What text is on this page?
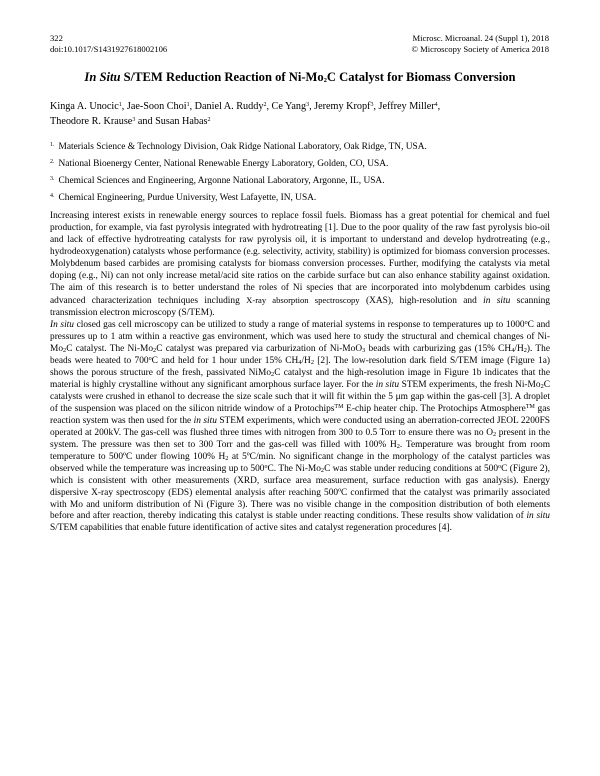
322
doi:10.1017/S1431927618002106
Microsc. Microanal. 24 (Suppl 1), 2018
© Microscopy Society of America 2018
In Situ S/TEM Reduction Reaction of $Ni-Mo_2C$ Catalyst for Biomass Conversion
Kinga A. Unocic$^1$, Jae-Soon Choi$^1$, Daniel A. Ruddy$^2$, Ce Yang$^3$, Jeremy Kropf$^3$, Jeffrey Miller$^4$,
Theodore R. Krause$^3$ and Susan Habas$^2$
$^{1.}$ Materials Science & Technology Division, Oak Ridge National Laboratory, Oak Ridge, TN, USA.
$^{2.}$ National Bioenergy Center, National Renewable Energy Laboratory, Golden, CO, USA.
$^{3.}$ Chemical Sciences and Engineering, Argonne National Laboratory, Argonne, IL, USA.
$^{4.}$ Chemical Engineering, Purdue University, West Lafayette, IN, USA.

Increasing interest exists in renewable energy sources to replace fossil fuels. Biomass has a great potential for chemical and fuel production, for example, via fast pyrolysis integrated with hydrotreating [1]. Due to the poor quality of the raw fast pyrolysis bio-oil and lack of effective hydrotreating catalysts for raw pyrolysis oil, it is important to understand and develop hydrotreating (e.g., hydrodeoxygenation) catalysts whose performance (e.g. selectivity, activity, stability) is optimized for biomass conversion processes. Molybdenum based carbides are promising catalysts for biomass conversion processes. Further, modifying the catalysts via metal doping (e.g., Ni) can not only increase metal/acid site ratios on the carbide surface but can also enhance stability against oxidation. The aim of this research is to better understand the roles of Ni species that are incorporated into molybdenum carbides using advanced characterization techniques including X-ray absorption spectroscopy (XAS), high-resolution and in situ scanning transmission electron microscopy (S/TEM).

In situ closed gas cell microscopy can be utilized to study a range of material systems in response to temperatures up to 1000$^o$C and pressures up to 1 atm within a reactive gas environment, which was used here to study the structural and chemical changes of $Ni-Mo_2C$ catalyst. The $Ni-Mo_2C$ catalyst was prepared via carburization of Ni-MoO$_3$ beads with carburizing gas (15% $CH_4/H_2$). The beads were heated to 700$^o$C and held for 1 hour under 15% $CH_4/H_2$ [2]. The low-resolution dark field S/TEM image (Figure 1a) shows the porous structure of the fresh, passivated NiMo$_2$C catalyst and the high-resolution image in Figure 1b indicates that the material is highly crystalline without any significant amorphous surface layer. For the in situ STEM experiments, the fresh $Ni-Mo_2C$ catalysts were crushed in ethanol to decrease the size scale such that it will fit within the 5 μm gap within the gas-cell [3]. A droplet of the suspension was placed on the silicon nitride window of a Protochips™ E-chip heater chip. The Protochips Atmosphere™ gas reaction system was then used for the in situ STEM experiments, which were conducted using an aberration-corrected JEOL 2200FS operated at 200kV. The gas-cell was flushed three times with nitrogen from 300 to 0.5 Torr to ensure there was no $O_2$ present in the system. The pressure was then set to 300 Torr and the gas-cell was filled with 100% $H_2$. Temperature was brought from room temperature to 500ºC under flowing 100% $H_2$ at 5ºC/min. No significant change in the morphology of the catalyst particles was observed while the temperature was increasing up to 500$^o$C. The $Ni-Mo_2C$ was stable under reducing conditions at 500$^o$C (Figure 2), which is consistent with other measurements (XRD, surface area measurement, surface reduction with gas analysis). Energy dispersive X-ray spectroscopy (EDS) elemental analysis after reaching 500ºC confirmed that the catalyst was primarily associated with Mo and uniform distribution of Ni (Figure 3). There was no visible change in the composition distribution of both elements before and after reaction, thereby indicating this catalyst is stable under reacting conditions. These results show validation of in situ S/TEM capabilities that enable future identification of active sites and catalyst regeneration procedures [4].
